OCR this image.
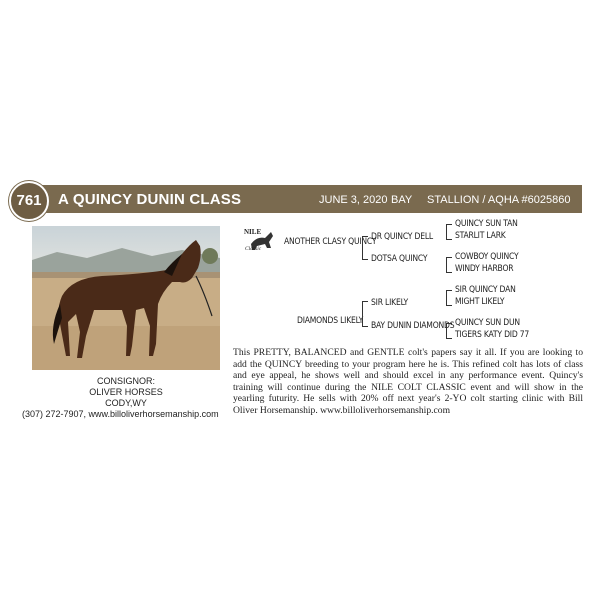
761	A QUINCY DUNIN CLASS	JUNE 3, 2020 BAY STALLION / AQHA #6025860
CONSIGNOR:
OLIVER HORSES
CODY,WY
(307) 272-7907, www.billoliverhorsemanship.com
NILE
Classic
ANOTHER CLASY QUINCY
DIAMONDS LIKELY
DR QUINCY DELL
DOTSA QUINCY
SIR LIKELY
BAY DUNIN DIAMONDS
QUINCY SUN TAN
STARLIT LARK
COWBOY QUINCY
WINDY HARBOR
SIR QUINCY DAN
MIGHT LIKELY
QUINCY SUN DUN
TIGERS KATY DID 77
This PRETTY, BALANCED and GENTLE colt's papers say it all. If you are looking to add the QUINCY breeding to your program here he is. This refined colt has lots of class and eye appeal, he shows well and should excel in any performance event. Quincy's training will continue during the NILE COLT CLASSIC event and will show in the yearling futurity. He sells with 20% off next year's 2-YO colt starting clinic with Bill Oliver Horsemanship. www.billoliverhorsemanship.com
